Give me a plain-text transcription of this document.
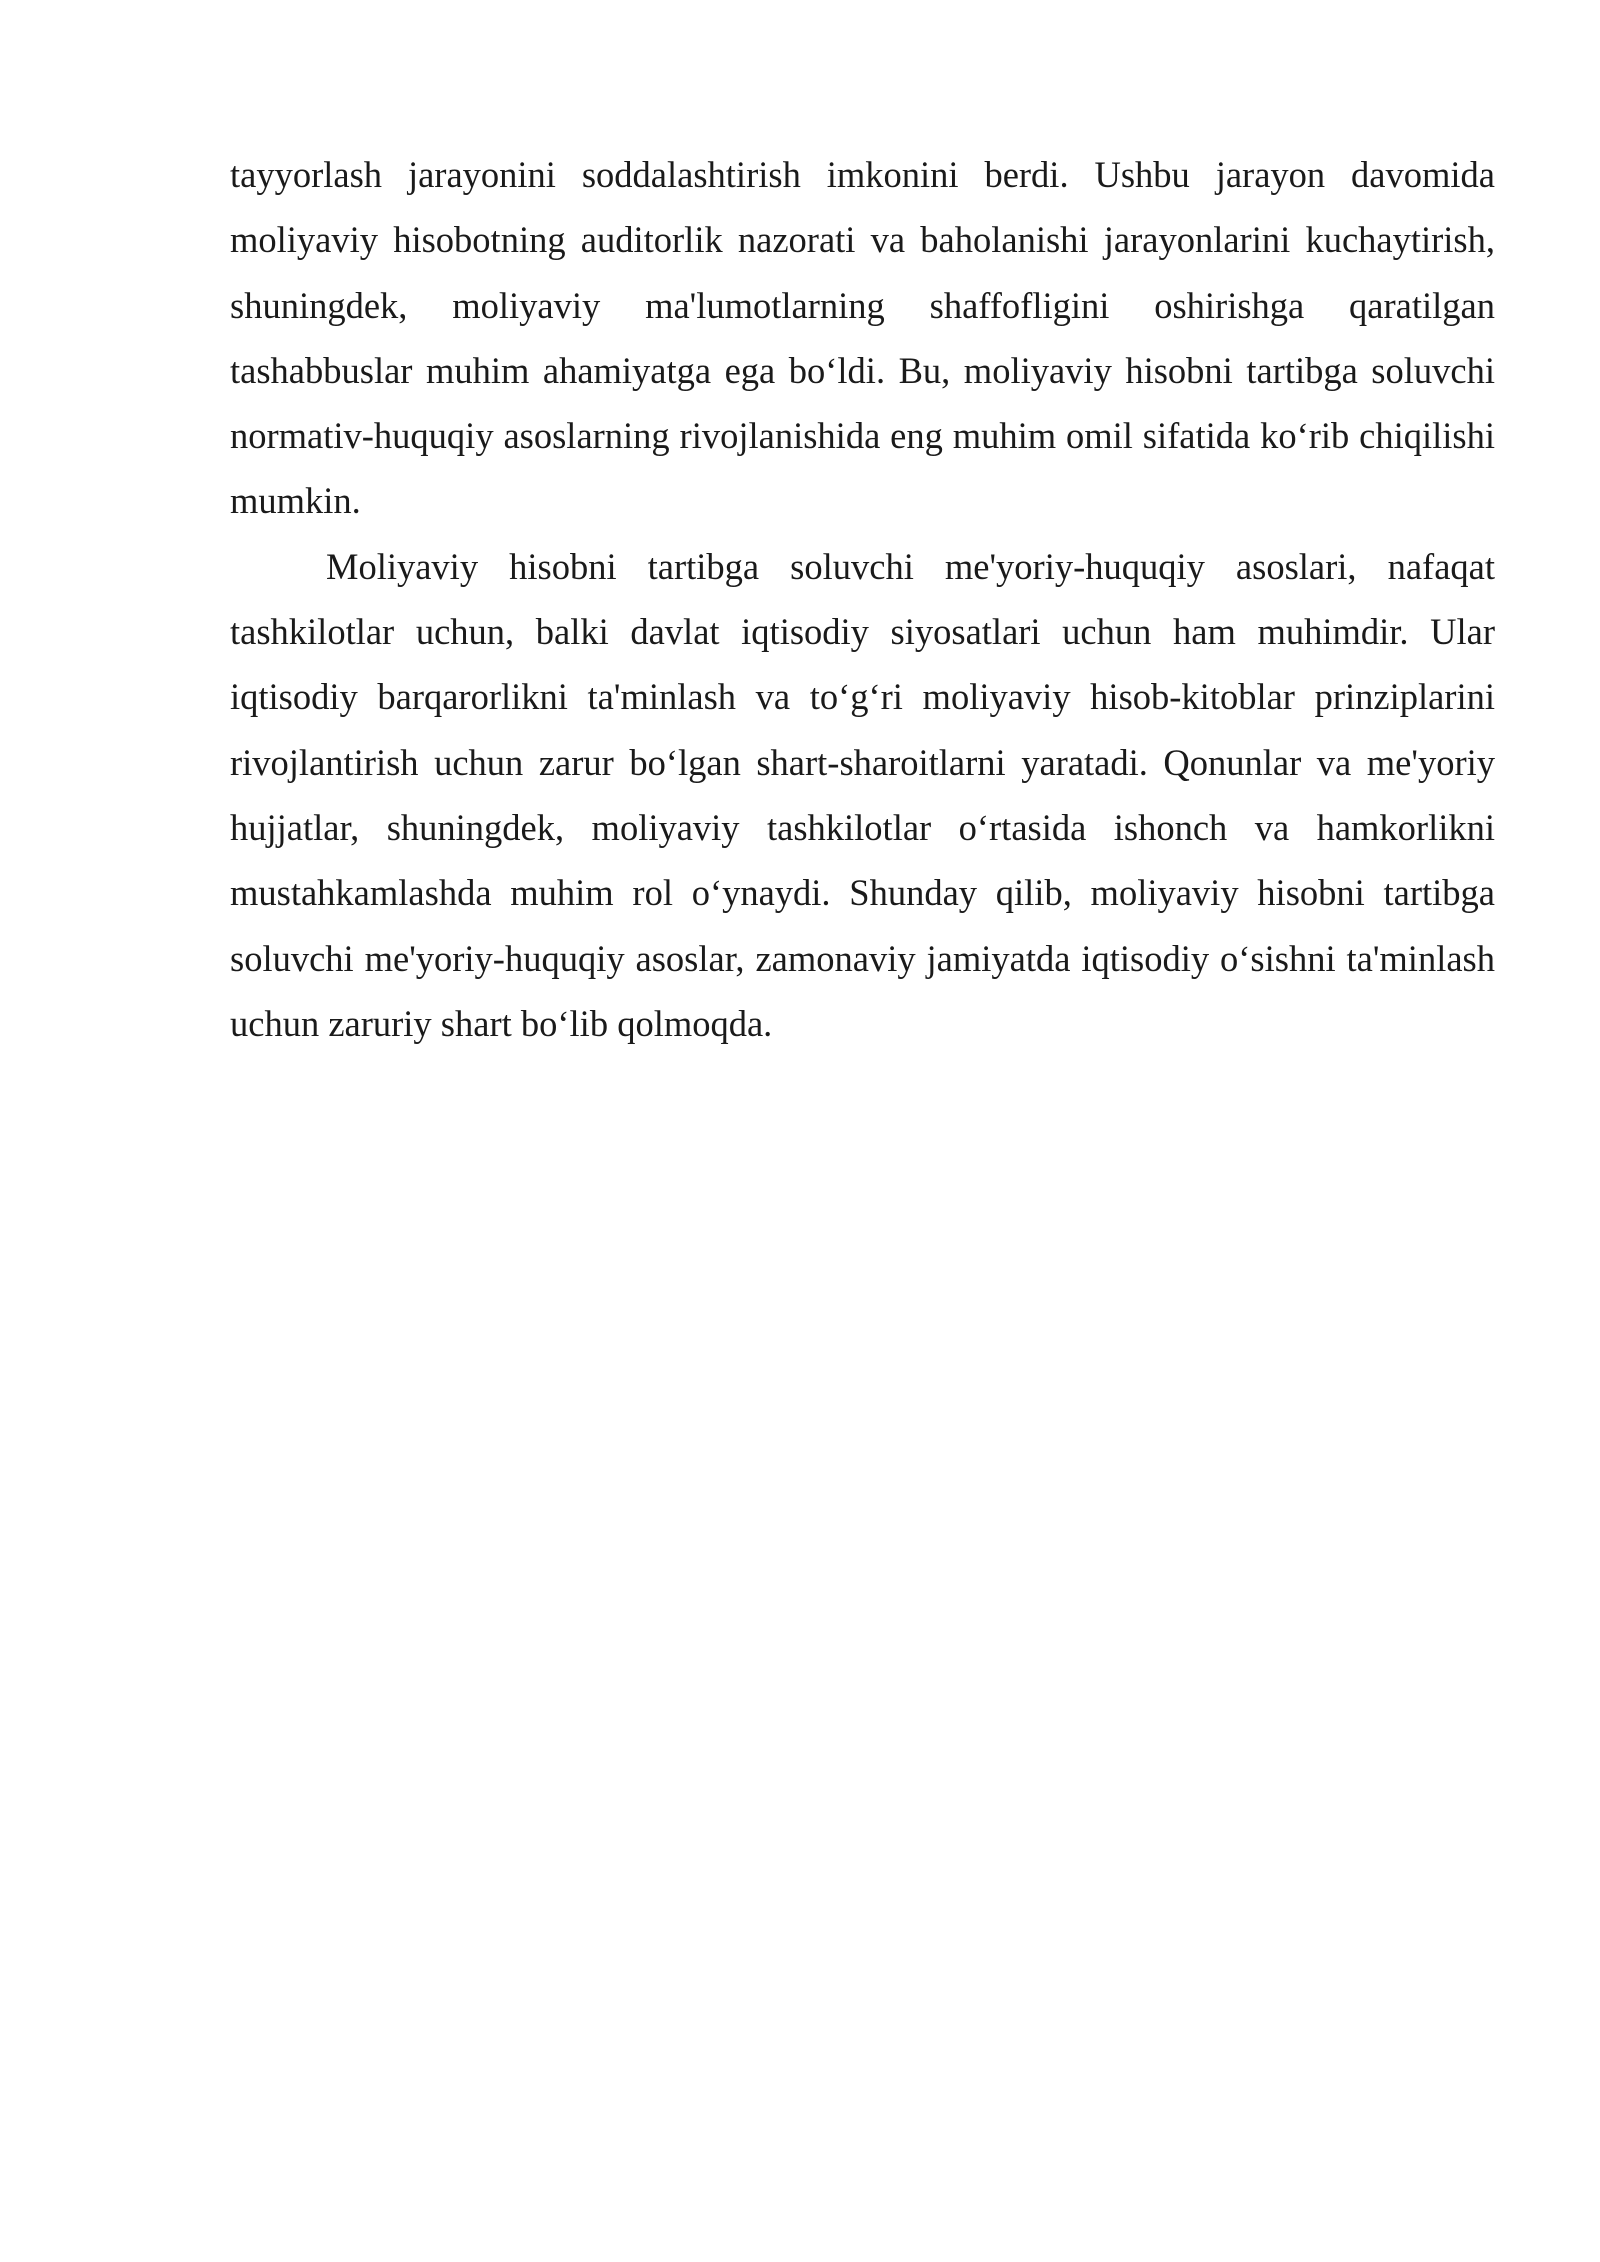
tayyorlash jarayonini soddalashtirish imkonini berdi. Ushbu jarayon davomida moliyaviy hisobotning auditorlik nazorati va baholanishi jarayonlarini kuchaytirish, shuningdek, moliyaviy ma'lumotlarning shaffofligini oshirishga qaratilgan tashabbuslar muhim ahamiyatga ega bo‘ldi. Bu, moliyaviy hisobni tartibga soluvchi normativ-huquqiy asoslarning rivojlanishida eng muhim omil sifatida ko‘rib chiqilishi mumkin.

Moliyaviy hisobni tartibga soluvchi me'yoriy-huquqiy asoslari, nafaqat tashkilotlar uchun, balki davlat iqtisodiy siyosatlari uchun ham muhimdir. Ular iqtisodiy barqarorlikni ta'minlash va to‘g‘ri moliyaviy hisob-kitoblar prinziplarini rivojlantirish uchun zarur bo‘lgan shart-sharoitlarni yaratadi. Qonunlar va me'yoriy hujjatlar, shuningdek, moliyaviy tashkilotlar o‘rtasida ishonch va hamkorlikni mustahkamlashda muhim rol o‘ynaydi. Shunday qilib, moliyaviy hisobni tartibga soluvchi me'yoriy-huquqiy asoslar, zamonaviy jamiyatda iqtisodiy o‘sishni ta'minlash uchun zaruriy shart bo‘lib qolmoqda.
